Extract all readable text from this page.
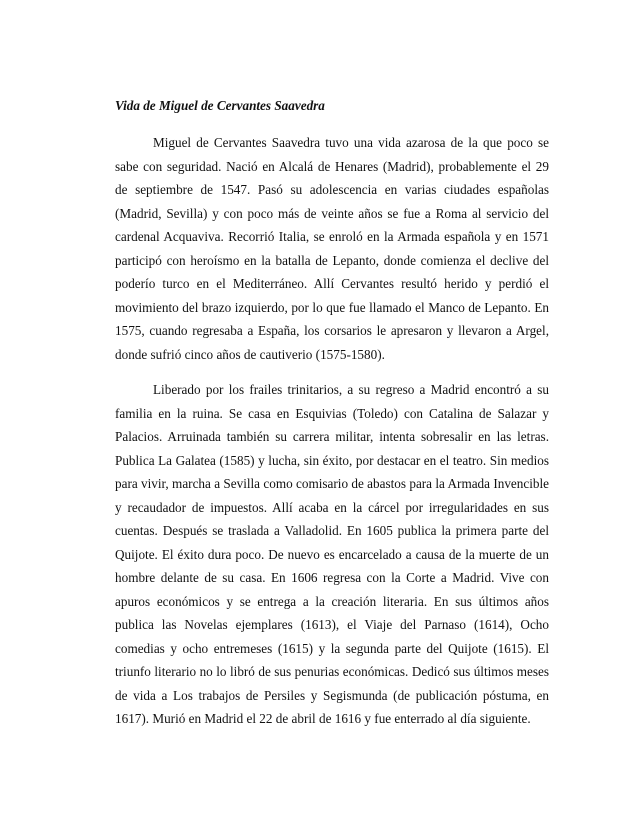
Vida de Miguel de Cervantes Saavedra

Miguel de Cervantes Saavedra tuvo una vida azarosa de la que poco se sabe con seguridad. Nació en Alcalá de Henares (Madrid), probablemente el 29 de septiembre de 1547. Pasó su adolescencia en varias ciudades españolas (Madrid, Sevilla) y con poco más de veinte años se fue a Roma al servicio del cardenal Acquaviva. Recorrió Italia, se enroló en la Armada española y en 1571 participó con heroísmo en la batalla de Lepanto, donde comienza el declive del poderío turco en el Mediterráneo. Allí Cervantes resultó herido y perdió el movimiento del brazo izquierdo, por lo que fue llamado el Manco de Lepanto. En 1575, cuando regresaba a España, los corsarios le apresaron y llevaron a Argel, donde sufrió cinco años de cautiverio (1575-1580).

Liberado por los frailes trinitarios, a su regreso a Madrid encontró a su familia en la ruina. Se casa en Esquivias (Toledo) con Catalina de Salazar y Palacios. Arruinada también su carrera militar, intenta sobresalir en las letras. Publica La Galatea (1585) y lucha, sin éxito, por destacar en el teatro. Sin medios para vivir, marcha a Sevilla como comisario de abastos para la Armada Invencible y recaudador de impuestos. Allí acaba en la cárcel por irregularidades en sus cuentas. Después se traslada a Valladolid. En 1605 publica la primera parte del Quijote. El éxito dura poco. De nuevo es encarcelado a causa de la muerte de un hombre delante de su casa. En 1606 regresa con la Corte a Madrid. Vive con apuros económicos y se entrega a la creación literaria. En sus últimos años publica las Novelas ejemplares (1613), el Viaje del Parnaso (1614), Ocho comedias y ocho entremeses (1615) y la segunda parte del Quijote (1615). El triunfo literario no lo libró de sus penurias económicas. Dedicó sus últimos meses de vida a Los trabajos de Persiles y Segismunda (de publicación póstuma, en 1617). Murió en Madrid el 22 de abril de 1616 y fue enterrado al día siguiente.
